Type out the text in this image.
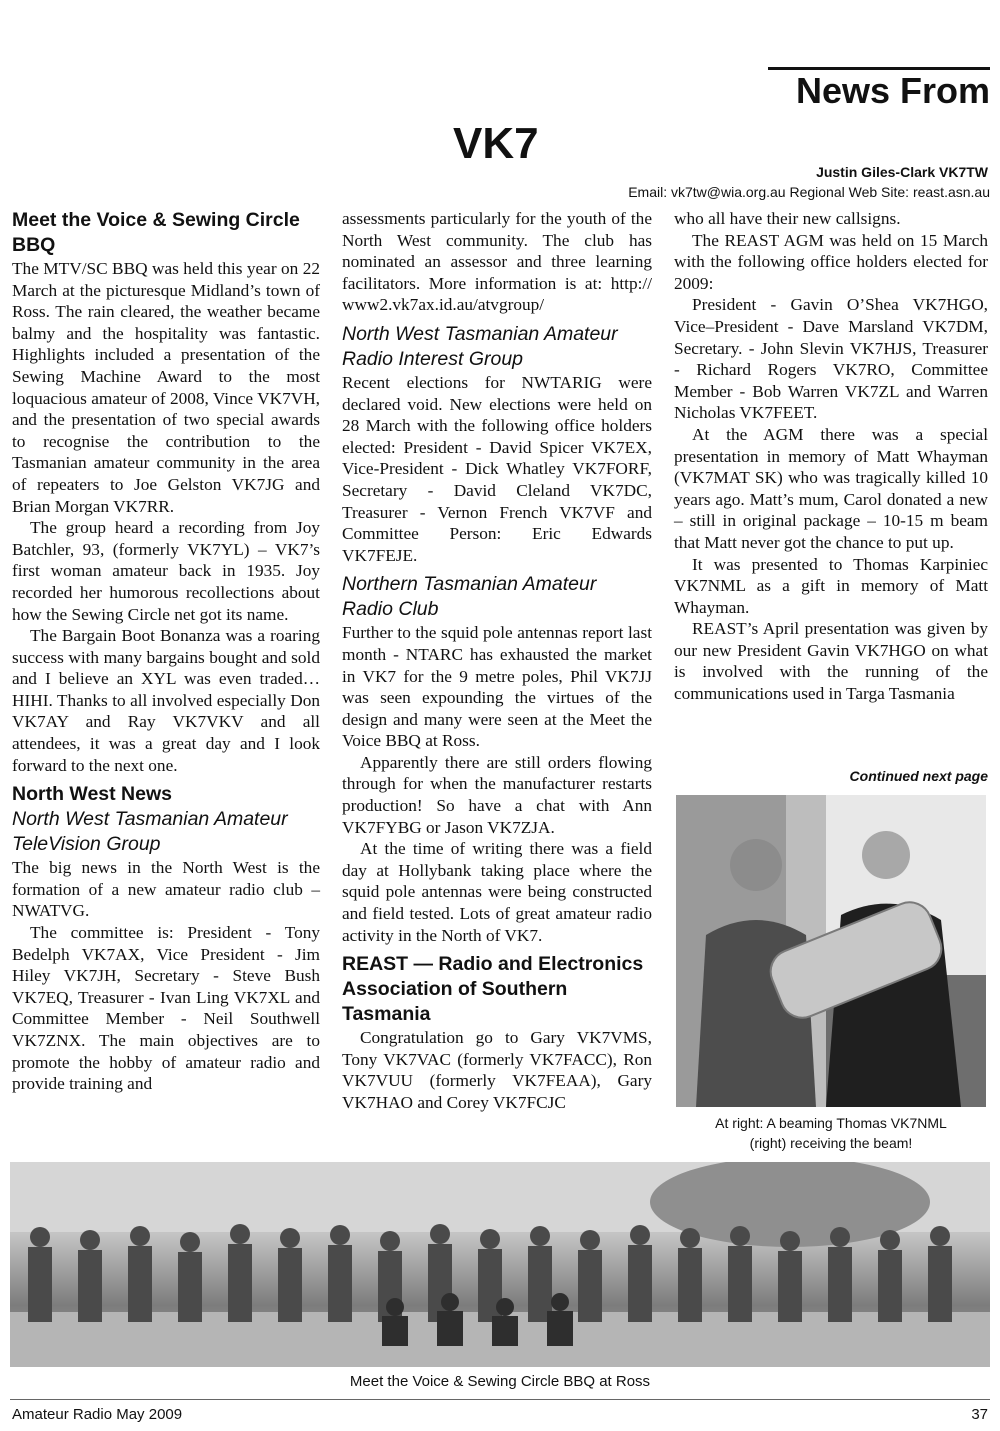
News From
VK7
Justin Giles-Clark VK7TW
Email: vk7tw@wia.org.au Regional Web Site: reast.asn.au
Meet the Voice & Sewing Circle BBQ

The MTV/SC BBQ was held this year on 22 March at the picturesque Midland’s town of Ross. The rain cleared, the weather became balmy and the hospitality was fantastic. Highlights included a presentation of the Sewing Machine Award to the most loquacious amateur of 2008, Vince VK7VH, and the presentation of two special awards to recognise the contribution to the Tasmanian amateur community in the area of repeaters to Joe Gelston VK7JG and Brian Morgan VK7RR.

The group heard a recording from Joy Batchler, 93, (formerly VK7YL) – VK7’s first woman amateur back in 1935. Joy recorded her humorous recollections about how the Sewing Circle net got its name.

The Bargain Boot Bonanza was a roaring success with many bargains bought and sold and I believe an XYL was even traded…HIHI. Thanks to all involved especially Don VK7AY and Ray VK7VKV and all attendees, it was a great day and I look forward to the next one.

North West News
North West Tasmanian Amateur TeleVision Group

The big news in the North West is the formation of a new amateur radio club – NWATVG.

The committee is: President - Tony Bedelph VK7AX, Vice President - Jim Hiley VK7JH, Secretary - Steve Bush VK7EQ, Treasurer - Ivan Ling VK7XL and Committee Member - Neil Southwell VK7ZNX. The main objectives are to promote the hobby of amateur radio and provide training and

assessments particularly for the youth of the North West community. The club has nominated an assessor and three learning facilitators. More information is at: http:// www2.vk7ax.id.au/atvgroup/

North West Tasmanian Amateur Radio Interest Group

Recent elections for NWTARIG were declared void. New elections were held on 28 March with the following office holders elected: President - David Spicer VK7EX, Vice-President - Dick Whatley VK7FORF, Secretary - David Cleland VK7DC, Treasurer - Vernon French VK7VF and Committee Person: Eric Edwards VK7FEJE.

Northern Tasmanian Amateur Radio Club

Further to the squid pole antennas report last month - NTARC has exhausted the market in VK7 for the 9 metre poles, Phil VK7JJ was seen expounding the virtues of the design and many were seen at the Meet the Voice BBQ at Ross.

Apparently there are still orders flowing through for when the manufacturer restarts production! So have a chat with Ann VK7FYBG or Jason VK7ZJA.

At the time of writing there was a field day at Hollybank taking place where the squid pole antennas were being constructed and field tested. Lots of great amateur radio activity in the North of VK7.

REAST — Radio and Electronics Association of Southern Tasmania

Congratulation go to Gary VK7VMS, Tony VK7VAC (formerly VK7FACC), Ron VK7VUU (formerly VK7FEAA), Gary VK7HAO and Corey VK7FCJC

who all have their new callsigns.

The REAST AGM was held on 15 March with the following office holders elected for 2009:

President - Gavin O’Shea VK7HGO, Vice–President - Dave Marsland VK7DM, Secretary. - John Slevin VK7HJS, Treasurer - Richard Rogers VK7RO, Committee Member - Bob Warren VK7ZL and Warren Nicholas VK7FEET.

At the AGM there was a special presentation in memory of Matt Whayman (VK7MAT SK) who was tragically killed 10 years ago. Matt’s mum, Carol donated a new – still in original package – 10-15 m beam that Matt never got the chance to put up.

It was presented to Thomas Karpiniec VK7NML as a gift in memory of Matt Whayman.

REAST’s April presentation was given by our new President Gavin VK7HGO on what is involved with the running of the communications used in Targa Tasmania

Continued next page
At right: A beaming Thomas VK7NML
(right) receiving the beam!
Meet the Voice & Sewing Circle BBQ at Ross
Amateur Radio May 2009	37
